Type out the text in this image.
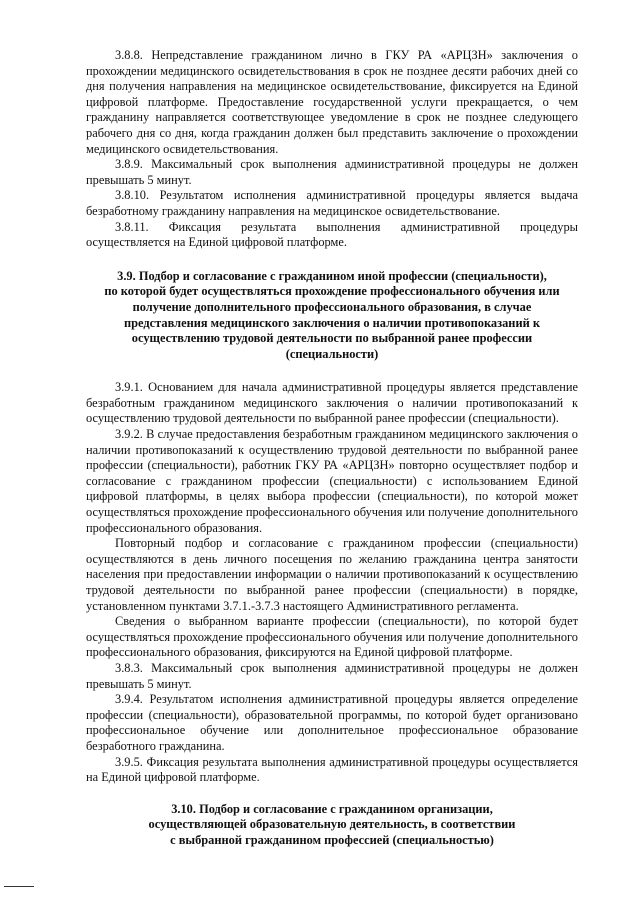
3.8.8. Непредставление гражданином лично в ГКУ РА «АРЦЗН» заключения о прохождении медицинского освидетельствования в срок не позднее десяти рабочих дней со дня получения направления на медицинское освидетельствование, фиксируется на Единой цифровой платформе. Предоставление государственной услуги прекращается, о чем гражданину направляется соответствующее уведомление в срок не позднее следующего рабочего дня со дня, когда гражданин должен был представить заключение о прохождении медицинского освидетельствования.

3.8.9. Максимальный срок выполнения административной процедуры не должен превышать 5 минут.

3.8.10. Результатом исполнения административной процедуры является выдача безработному гражданину направления на медицинское освидетельствование.

3.8.11. Фиксация результата выполнения административной процедуры осуществляется на Единой цифровой платформе.

3.9. Подбор и согласование с гражданином иной профессии (специальности),
по которой будет осуществляться прохождение профессионального обучения или
получение дополнительного профессионального образования, в случае
представления медицинского заключения о наличии противопоказаний к
осуществлению трудовой деятельности по выбранной ранее профессии
(специальности)

3.9.1. Основанием для начала административной процедуры является представление безработным гражданином медицинского заключения о наличии противопоказаний к осуществлению трудовой деятельности по выбранной ранее профессии (специальности).

3.9.2. В случае предоставления безработным гражданином медицинского заключения о наличии противопоказаний к осуществлению трудовой деятельности по выбранной ранее профессии (специальности), работник ГКУ РА «АРЦЗН» повторно осуществляет подбор и согласование с гражданином профессии (специальности) с использованием Единой цифровой платформы, в целях выбора профессии (специальности), по которой может осуществляться прохождение профессионального обучения или получение дополнительного профессионального образования.

Повторный подбор и согласование с гражданином профессии (специальности) осуществляются в день личного посещения по желанию гражданина центра занятости населения при предоставлении информации о наличии противопоказаний к осуществлению трудовой деятельности по выбранной ранее профессии (специальности) в порядке, установленном пунктами 3.7.1.-3.7.3 настоящего Административного регламента.

Сведения о выбранном варианте профессии (специальности), по которой будет осуществляться прохождение профессионального обучения или получение дополнительного профессионального образования, фиксируются на Единой цифровой платформе.

3.8.3. Максимальный срок выполнения административной процедуры не должен превышать 5 минут.

3.9.4. Результатом исполнения административной процедуры является определение профессии (специальности), образовательной программы, по которой будет организовано профессиональное обучение или дополнительное профессиональное образование безработного гражданина.

3.9.5. Фиксация результата выполнения административной процедуры осуществляется на Единой цифровой платформе.

3.10. Подбор и согласование с гражданином организации,
осуществляющей образовательную деятельность, в соответствии
с выбранной гражданином профессией (специальностью)
